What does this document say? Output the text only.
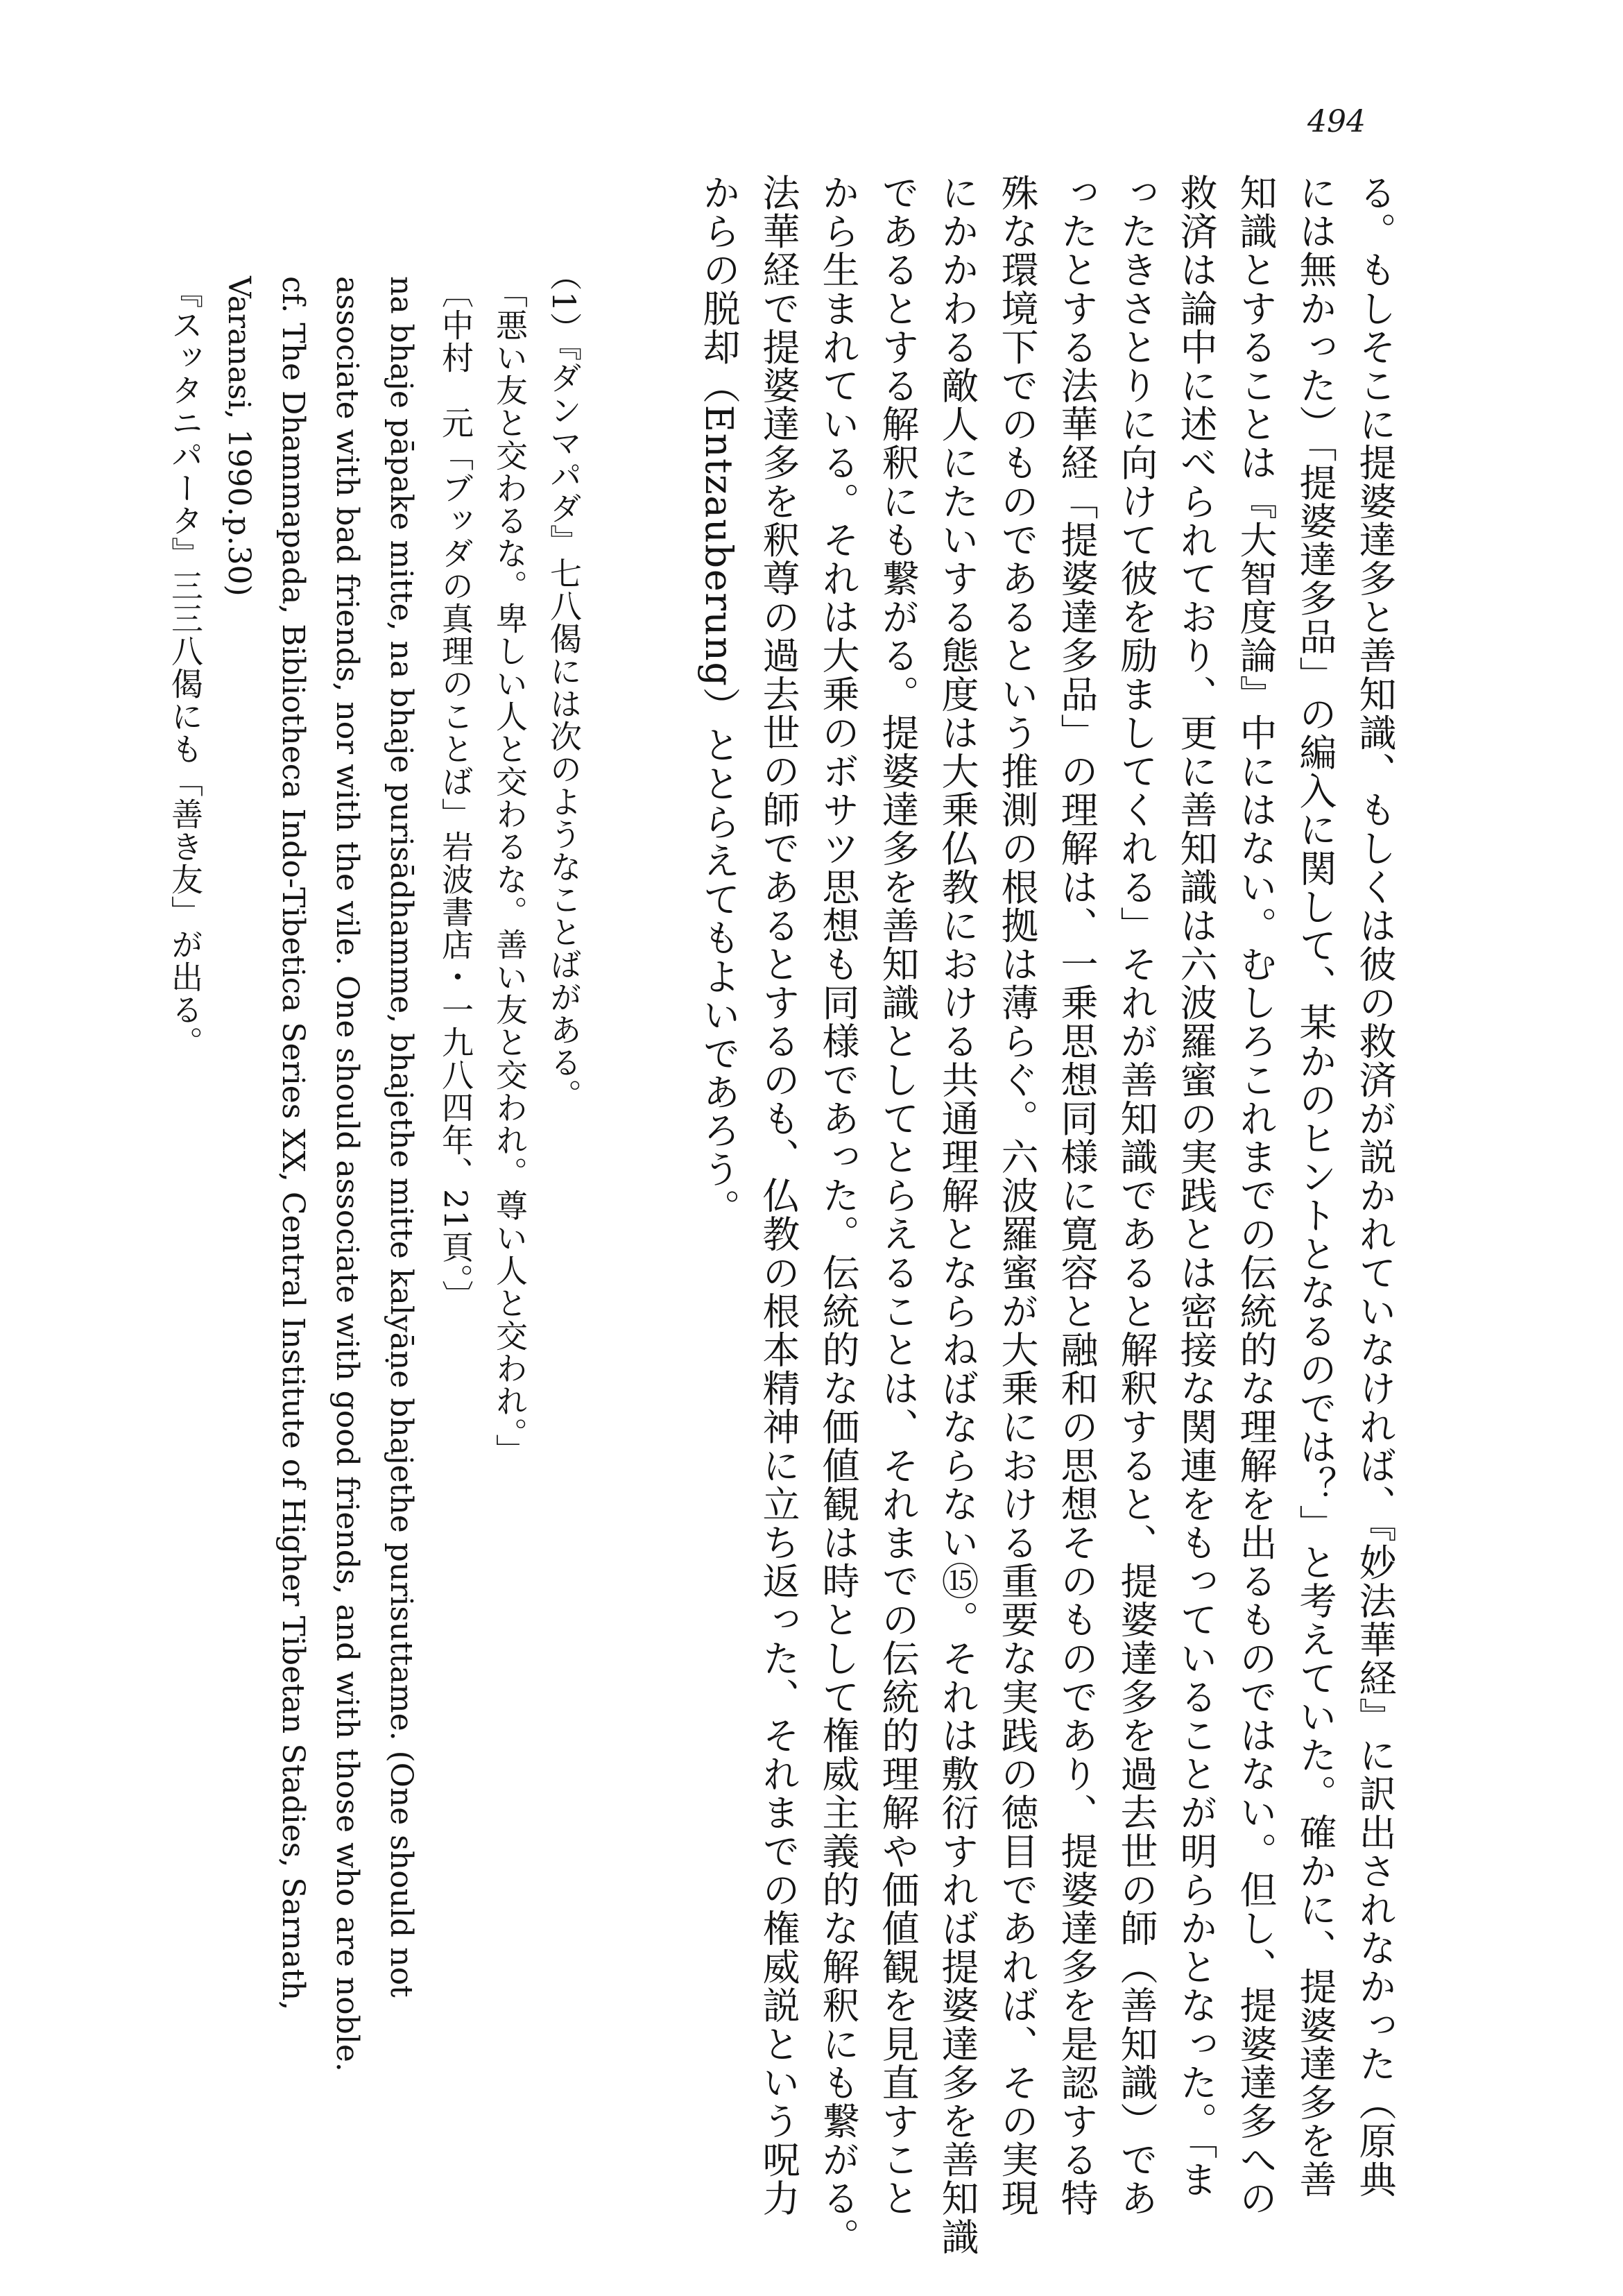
494

る。もしそこに提婆達多と善知識、もしくは彼の救済が説かれていなければ、『妙法華経』に訳出されなかった（原典

には無かった）「提婆達多品」の編入に関して、某かのヒントとなるのでは？」と考えていた。確かに、提婆達多を善

知識とすることは『大智度論』中にはない。むしろこれまでの伝統的な理解を出るものではない。但し、提婆達多への

救済は論中に述べられており、更に善知識は六波羅蜜の実践とは密接な関連をもっていることが明らかとなった。「ま

ったきさとりに向けて彼を励ましてくれる」それが善知識であると解釈すると、提婆達多を過去世の師（善知識）であ

ったとする法華経「提婆達多品」の理解は、一乗思想同様に寛容と融和の思想そのものであり、提婆達多を是認する特

殊な環境下でのものであるという推測の根拠は薄らぐ。六波羅蜜が大乗における重要な実践の徳目であれば、その実現

にかかわる敵人にたいする態度は大乗仏教における共通理解とならねばならない⑮。それは敷衍すれば提婆達多を善知識

であるとする解釈にも繋がる。提婆達多を善知識としてとらえることは、それまでの伝統的理解や価値観を見直すこと

から生まれている。それは大乗のボサツ思想も同様であった。伝統的な価値観は時として権威主義的な解釈にも繋がる。

法華経で提婆達多を釈尊の過去世の師であるとするのも、仏教の根本精神に立ち返った、それまでの権威説という呪力

からの脱却（Entzauberung）ととらえてもよいであろう。

（1）『ダンマパダ』七八偈には次のようなことばがある。

「悪い友と交わるな。卑しい人と交わるな。善い友と交われ。尊い人と交われ。」

〔中村　元「ブッダの真理のことば」岩波書店・一九八四年、21頁。〕

na bhaje pāpake mitte, na bhaje purisādhamme, bhajethe mitte kalyāṇe bhajethe purisuttame. (One should not

associate with bad friends, nor with the vile. One should associate with good friends, and with those who are noble.

cf. The Dhammapada, Bibliotheca Indo-Tibetica Series XX, Central Institute of Higher Tibetan Stadies, Sarnath,

Varanasi, 1990.p.30)

『スッタニパータ』三三八偈にも「善き友」が出る。
